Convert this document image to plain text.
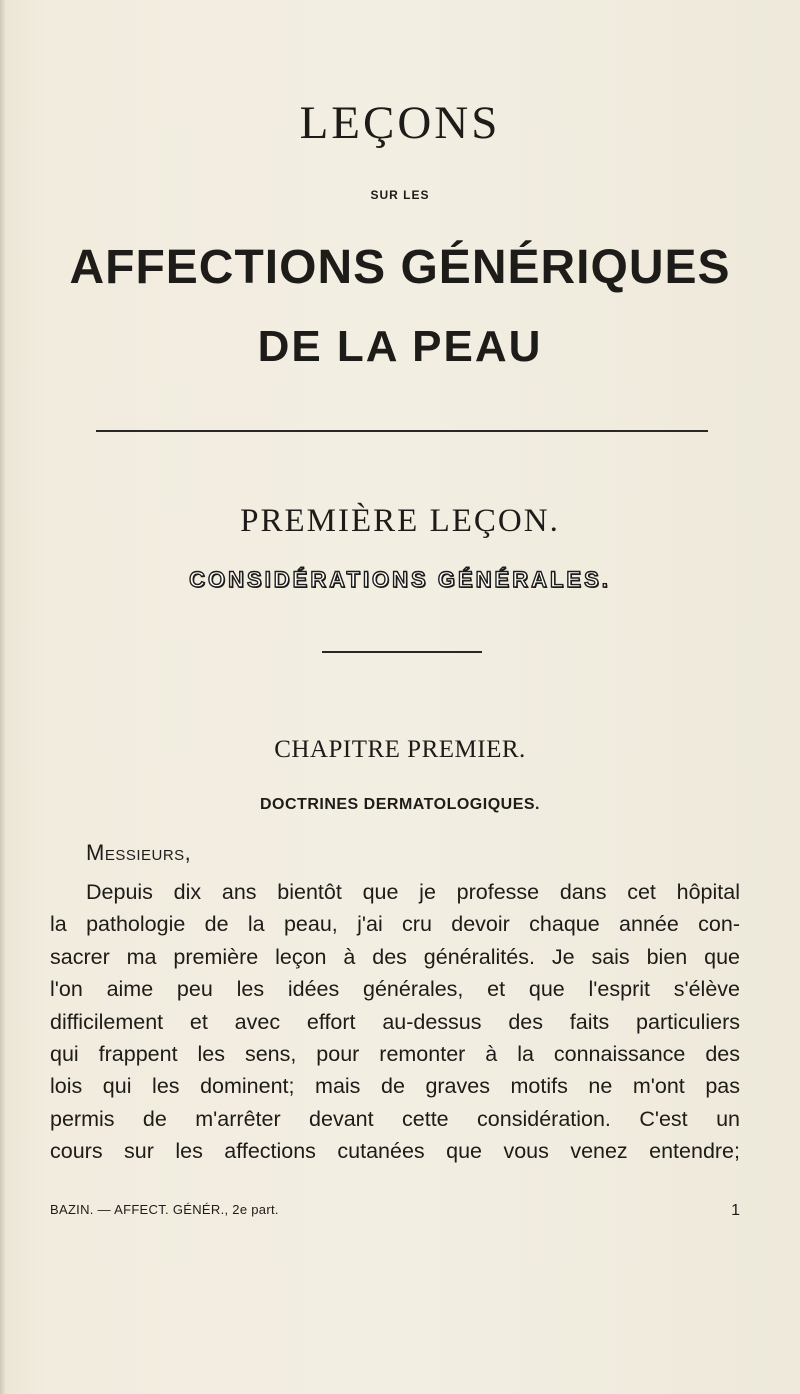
LEÇONS
SUR LES
AFFECTIONS GÉNÉRIQUES
DE LA PEAU
PREMIÈRE LEÇON.
CONSIDÉRATIONS GÉNÉRALES.
CHAPITRE PREMIER.
DOCTRINES DERMATOLOGIQUES.
Messieurs,
Depuis dix ans bientôt que je professe dans cet hôpital
la pathologie de la peau, j'ai cru devoir chaque année con-
sacrer ma première leçon à des généralités. Je sais bien que
l'on aime peu les idées générales, et que l'esprit s'élève
difficilement et avec effort au-dessus des faits particuliers
qui frappent les sens, pour remonter à la connaissance des
lois qui les dominent; mais de graves motifs ne m'ont pas
permis de m'arrêter devant cette considération. C'est un
cours sur les affections cutanées que vous venez entendre;
BAZIN. — AFFECT. GÉNÉR., 2e part.	1
